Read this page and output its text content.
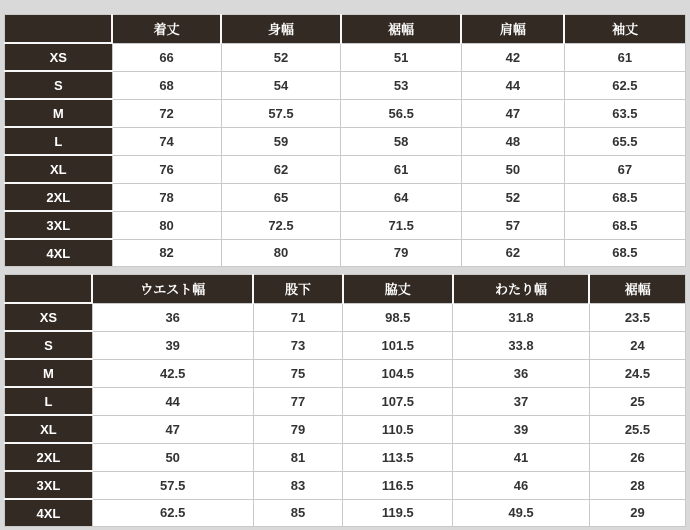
	着丈	身幅	裾幅	肩幅	袖丈
XS	66	52	51	42	61
S	68	54	53	44	62.5
M	72	57.5	56.5	47	63.5
L	74	59	58	48	65.5
XL	76	62	61	50	67
2XL	78	65	64	52	68.5
3XL	80	72.5	71.5	57	68.5
4XL	82	80	79	62	68.5
	ウエスト幅	股下	脇丈	わたり幅	裾幅
XS	36	71	98.5	31.8	23.5
S	39	73	101.5	33.8	24
M	42.5	75	104.5	36	24.5
L	44	77	107.5	37	25
XL	47	79	110.5	39	25.5
2XL	50	81	113.5	41	26
3XL	57.5	83	116.5	46	28
4XL	62.5	85	119.5	49.5	29
